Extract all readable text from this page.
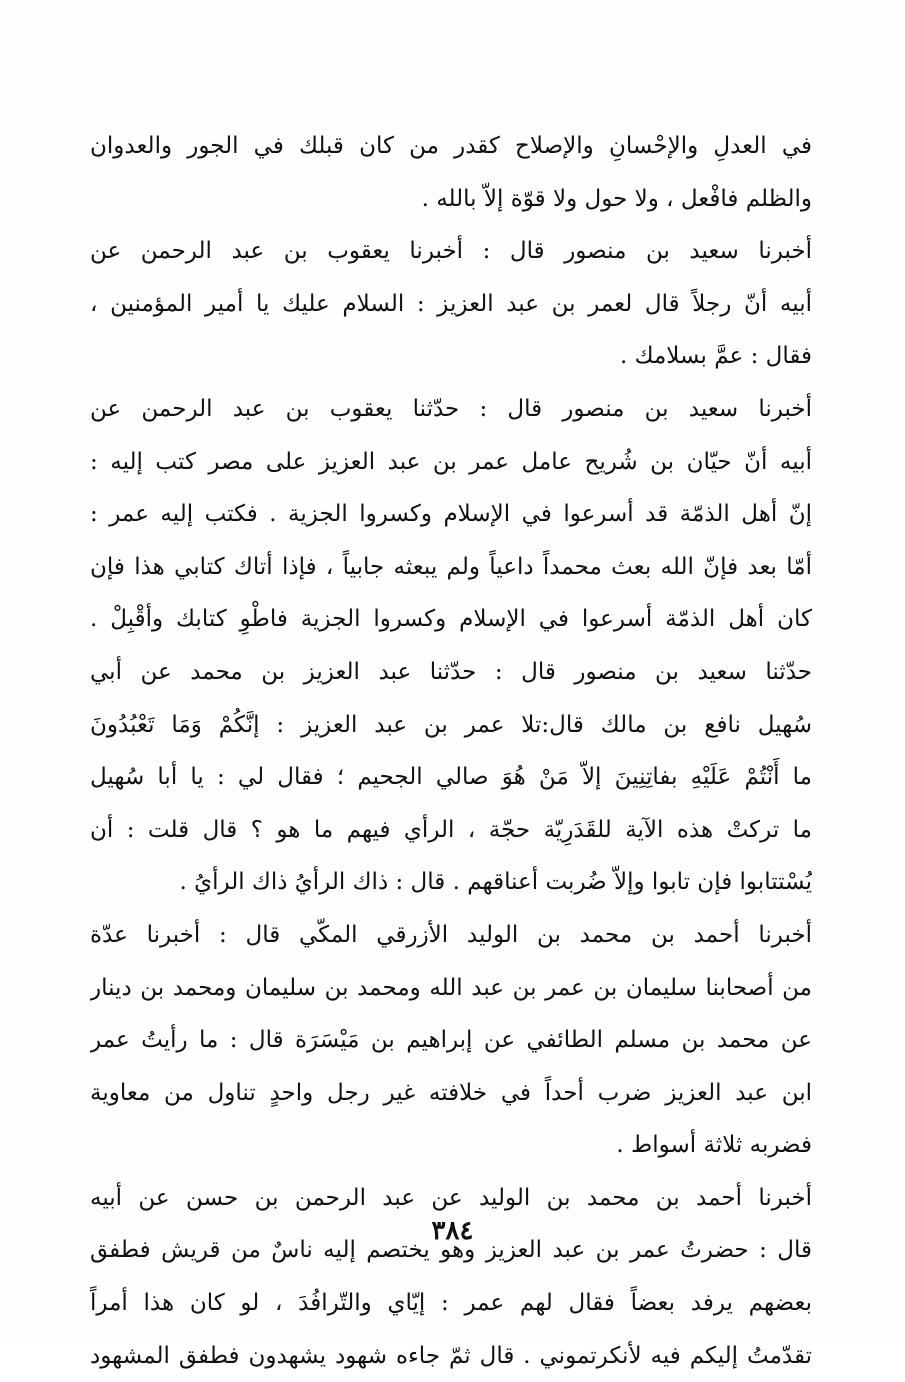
في العدلِ والإحْسانِ والإصلاح كقدر من كان قبلك في الجور والعدوان
والظلم فافْعل ، ولا حول ولا قوّة إلاّ بالله .
أخبرنا سعيد بن منصور قال : أخبرنا يعقوب بن عبد الرحمن عن
أبيه أنّ رجلاً قال لعمر بن عبد العزيز : السلام عليك يا أمير المؤمنين ،
فقال : عمَّ بسلامك .
أخبرنا سعيد بن منصور قال : حدّثنا يعقوب بن عبد الرحمن عن
أبيه أنّ حيّان بن شُريح عامل عمر بن عبد العزيز على مصر كتب إليه :
إنّ أهل الذمّة قد أسرعوا في الإسلام وكسروا الجزية . فكتب إليه عمر :
أمّا بعد فإنّ الله بعث محمداً داعياً ولم يبعثه جابياً ، فإذا أتاك كتابي هذا فإن
كان أهل الذمّة أسرعوا في الإسلام وكسروا الجزية فاطْوِ كتابك وأقْبِلْ .
حدّثنا سعيد بن منصور قال : حدّثنا عبد العزيز بن محمد عن أبي
سُهيل نافع بن مالك قال:تلا عمر بن عبد العزيز : إنَّكُمْ وَمَا تَعْبُدُونَ
ما أَنْتُمْ عَلَيْهِ بفاتِنِينَ إلاّ مَنْ هُوَ صالي الجحيم ؛ فقال لي : يا أبا سُهيل
ما تركتْ هذه الآية للقَدَرِيّة حجّة ، الرأي فيهم ما هو ؟ قال قلت : أن
يُسْتتابوا فإن تابوا وإلاّ ضُربت أعناقهم . قال : ذاك الرأيُ ذاك الرأيُ .
أخبرنا أحمد بن محمد بن الوليد الأزرقي المكّي قال : أخبرنا عدّة
من أصحابنا سليمان بن عمر بن عبد الله ومحمد بن سليمان ومحمد بن دينار
عن محمد بن مسلم الطائفي عن إبراهيم بن مَيْسَرَة قال : ما رأيتُ عمر
ابن عبد العزيز ضرب أحداً في خلافته غير رجل واحدٍ تناول من معاوية
فضربه ثلاثة أسواط .
أخبرنا أحمد بن محمد بن الوليد عن عبد الرحمن بن حسن عن أبيه
قال : حضرتُ عمر بن عبد العزيز وهو يختصم إليه ناسٌ من قريش فطفق
بعضهم يرفد بعضاً فقال لهم عمر : إيّاي والتّرافُدَ ، لو كان هذا أمراً
تقدّمتُ إليكم فيه لأنكرتموني . قال ثمّ جاءه شهود يشهدون فطفق المشهود
٣٨٤
